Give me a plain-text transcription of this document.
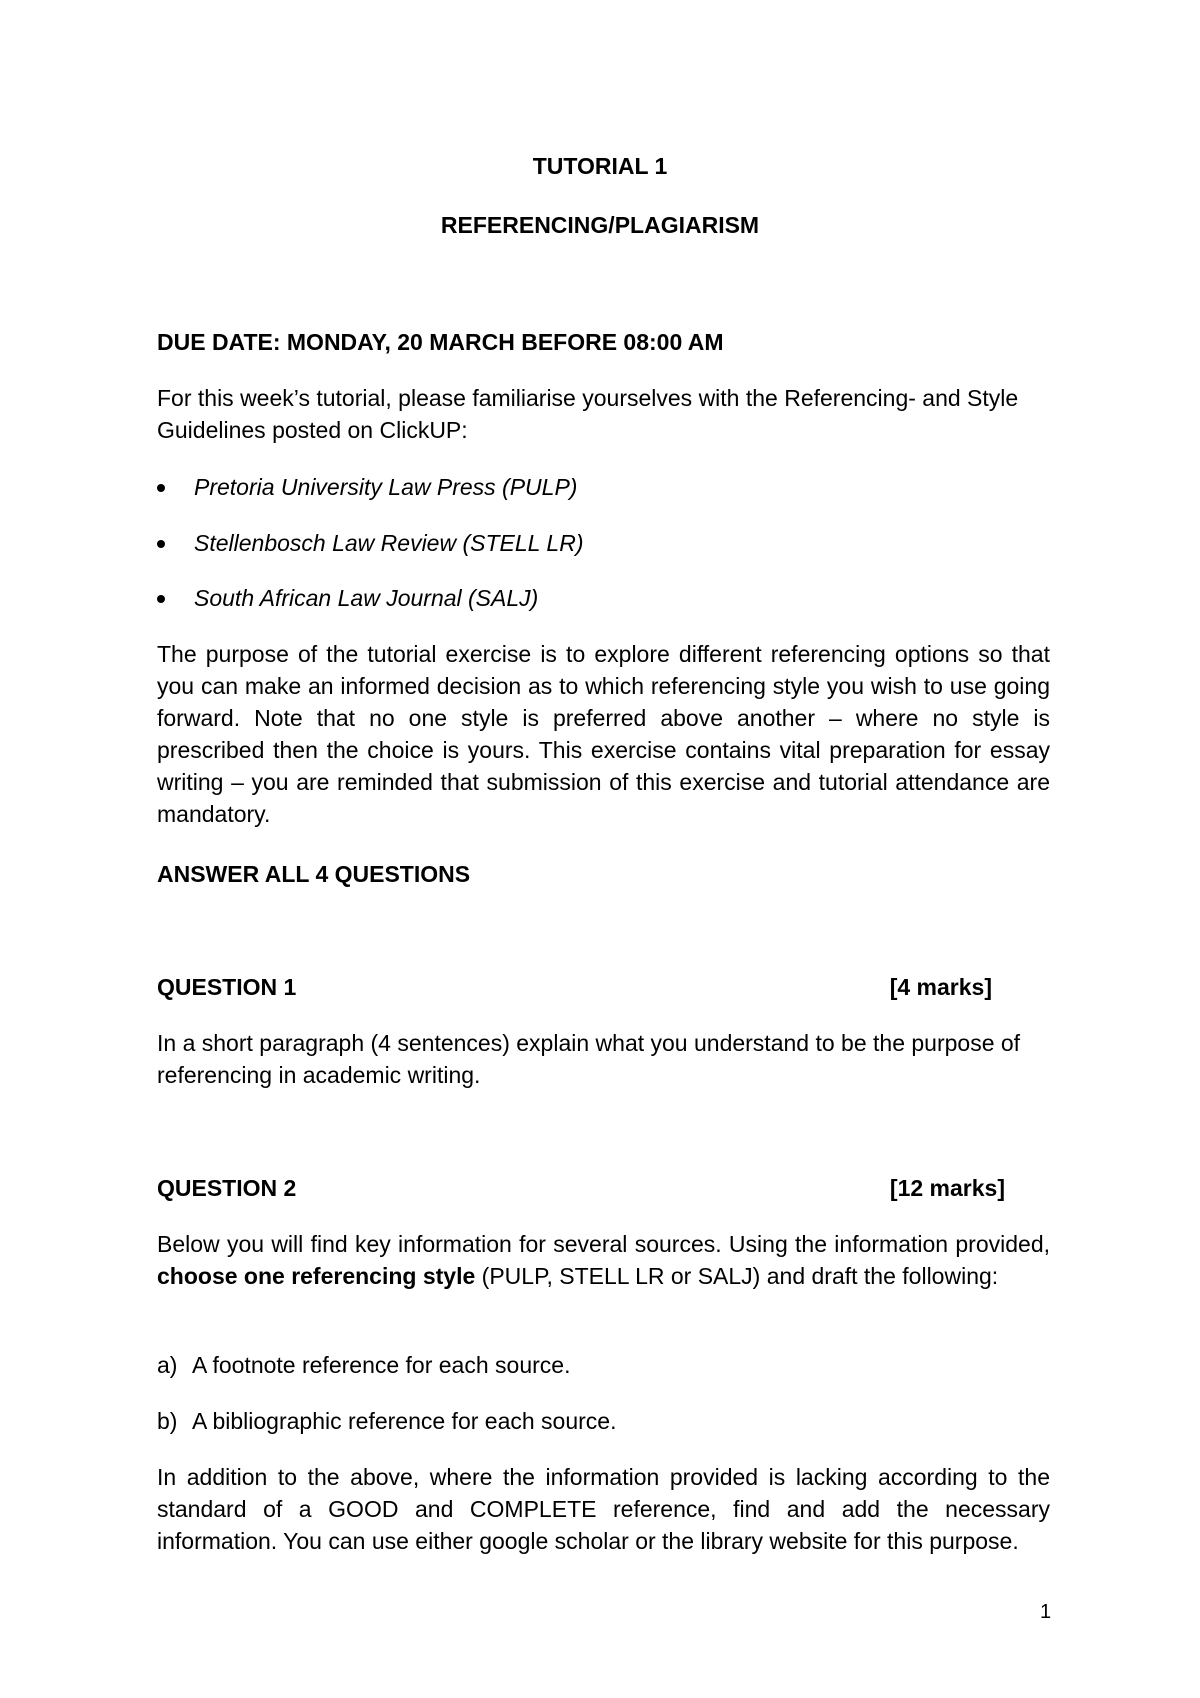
TUTORIAL 1
REFERENCING/PLAGIARISM
DUE DATE: MONDAY, 20 MARCH BEFORE 08:00 AM
For this week’s tutorial, please familiarise yourselves with the Referencing- and Style Guidelines posted on ClickUP:
Pretoria University Law Press (PULP)
Stellenbosch Law Review (STELL LR)
South African Law Journal (SALJ)
The purpose of the tutorial exercise is to explore different referencing options so that you can make an informed decision as to which referencing style you wish to use going forward. Note that no one style is preferred above another – where no style is prescribed then the choice is yours. This exercise contains vital preparation for essay writing – you are reminded that submission of this exercise and tutorial attendance are mandatory.
ANSWER ALL 4 QUESTIONS
QUESTION 1	[4 marks]
In a short paragraph (4 sentences) explain what you understand to be the purpose of referencing in academic writing.
QUESTION 2	[12 marks]
Below you will find key information for several sources. Using the information provided, choose one referencing style (PULP, STELL LR or SALJ) and draft the following:
a) A footnote reference for each source.
b) A bibliographic reference for each source.
In addition to the above, where the information provided is lacking according to the standard of a GOOD and COMPLETE reference, find and add the necessary information. You can use either google scholar or the library website for this purpose.
1
